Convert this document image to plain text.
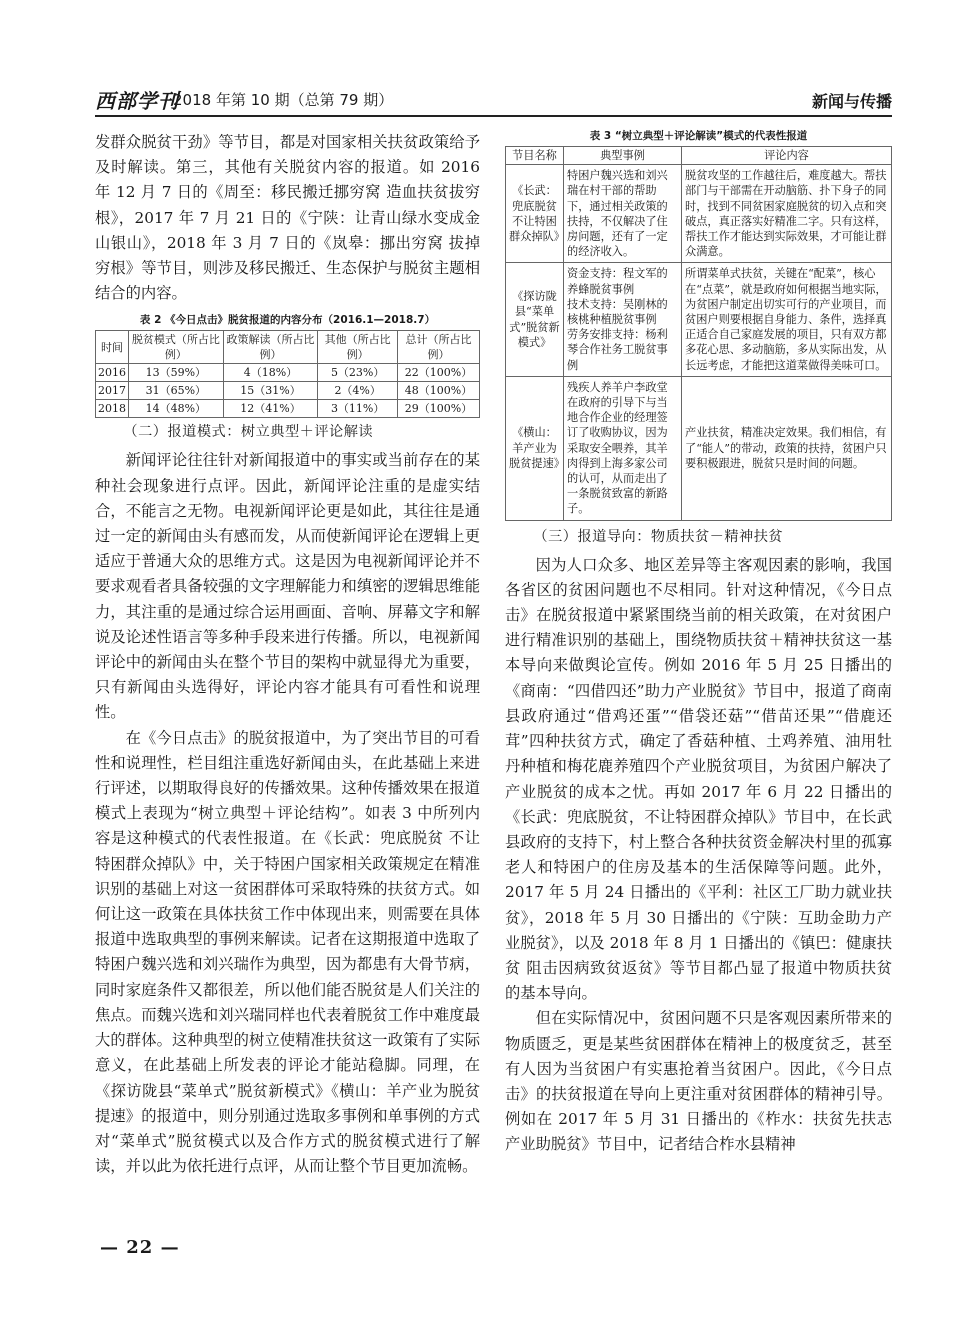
西部学刊
2018 年第 10 期（总第 79 期）	新闻与传播

发群众脱贫干劲》等节目，都是对国家相关扶贫政策给予及时解读。第三，其他有关脱贫内容的报道。如 2016 年 12 月 7 日的《周至：移民搬迁挪穷窝 造血扶贫拔穷根》，2017 年 7 月 21 日的《宁陕：让青山绿水变成金山银山》，2018 年 3 月 7 日的《岚皋：挪出穷窝 拔掉穷根》等节目，则涉及移民搬迁、生态保护与脱贫主题相结合的内容。

表 2 《今日点击》脱贫报道的内容分布（2016.1—2018.7）
时间	脱贫模式（所占比例）	政策解读（所占比例）	其他（所占比例）	总计（所占比例）
2016	13（59%）	4（18%）	5（23%）	22（100%）
2017	31（65%）	15（31%）	2（4%）	48（100%）
2018	14（48%）	12（41%）	3（11%）	29（100%）
（二）报道模式：树立典型＋评论解读

新闻评论往往针对新闻报道中的事实或当前存在的某种社会现象进行点评。因此，新闻评论注重的是虚实结合，不能言之无物。电视新闻评论更是如此，其往往是通过一定的新闻由头有感而发，从而使新闻评论在逻辑上更适应于普通大众的思维方式。这是因为电视新闻评论并不要求观看者具备较强的文字理解能力和缜密的逻辑思维能力，其注重的是通过综合运用画面、音响、屏幕文字和解说及论述性语言等多种手段来进行传播。所以，电视新闻评论中的新闻由头在整个节目的架构中就显得尤为重要，只有新闻由头选得好，评论内容才能具有可看性和说理性。

在《今日点击》的脱贫报道中，为了突出节目的可看性和说理性，栏目组注重选好新闻由头，在此基础上来进行评述，以期取得良好的传播效果。这种传播效果在报道模式上表现为“树立典型＋评论结构”。如表 3 中所列内容是这种模式的代表性报道。在《长武：兜底脱贫 不让特困群众掉队》中，关于特困户国家相关政策规定在精准识别的基础上对这一贫困群体可采取特殊的扶贫方式。如何让这一政策在具体扶贫工作中体现出来，则需要在具体报道中选取典型的事例来解读。记者在这期报道中选取了特困户魏兴选和刘兴瑞作为典型，因为都患有大骨节病，同时家庭条件又都很差，所以他们能否脱贫是人们关注的焦点。而魏兴选和刘兴瑞同样也代表着脱贫工作中难度最大的群体。这种典型的树立使精准扶贫这一政策有了实际意义，在此基础上所发表的评论才能站稳脚。同理，在《探访陇县“菜单式”脱贫新模式》《横山：羊产业为脱贫提速》的报道中，则分别通过选取多事例和单事例的方式对“菜单式”脱贫模式以及合作方式的脱贫模式进行了解读，并以此为依托进行点评，从而让整个节目更加流畅。

表 3 “树立典型＋评论解读”模式的代表性报道
节目名称	典型事例	评论内容
《长武：兜底脱贫 不让特困群众掉队》	特困户魏兴选和刘兴瑞在村干部的帮助下，通过相关政策的扶持，不仅解决了住房问题，还有了一定的经济收入。	脱贫攻坚的工作越往后，难度越大。帮扶部门与干部需在开动脑筋、扑下身子的同时，找到不同贫困家庭脱贫的切入点和突破点，真正落实好精准二字。只有这样，帮扶工作才能达到实际效果，才可能让群众满意。
《探访陇县“菜单式”脱贫新模式》	资金支持：程文军的养蜂脱贫事例
技术支持：吴刚林的核桃种植脱贫事例
劳务安排支持：杨利琴合作社务工脱贫事例	所谓菜单式扶贫，关键在“配菜”，核心在“点菜”，就是政府如何根据当地实际，为贫困户制定出切实可行的产业项目，而贫困户则要根据自身能力、条件，选择真正适合自己家庭发展的项目，只有双方都多花心思、多动脑筋，多从实际出发，从长远考虑，才能把这道菜做得美味可口。
《横山：羊产业为脱贫提速》	残疾人养羊户李政堂在政府的引导下与当地合作企业的经理签订了收购协议，因为采取安全喂养，其羊肉得到上海多家公司的认可，从而走出了一条脱贫致富的新路子。	产业扶贫，精准决定效果。我们相信，有了“能人”的带动，政策的扶持，贫困户只要积极跟进，脱贫只是时间的问题。
（三）报道导向：物质扶贫－精神扶贫

因为人口众多、地区差异等主客观因素的影响，我国各省区的贫困问题也不尽相同。针对这种情况，《今日点击》在脱贫报道中紧紧围绕当前的相关政策，在对贫困户进行精准识别的基础上，围绕物质扶贫＋精神扶贫这一基本导向来做舆论宣传。例如 2016 年 5 月 25 日播出的《商南：“四借四还”助力产业脱贫》节目中，报道了商南县政府通过“借鸡还蛋”“借袋还菇”“借苗还果”“借鹿还茸”四种扶贫方式，确定了香菇种植、土鸡养殖、油用牡丹种植和梅花鹿养殖四个产业脱贫项目，为贫困户解决了产业脱贫的成本之忧。再如 2017 年 6 月 22 日播出的《长武：兜底脱贫，不让特困群众掉队》节目中，在长武县政府的支持下，村上整合各种扶贫资金解决村里的孤寡老人和特困户的住房及基本的生活保障等问题。此外，2017 年 5 月 24 日播出的《平利：社区工厂助力就业扶贫》，2018 年 5 月 30 日播出的《宁陕：互助金助力产业脱贫》，以及 2018 年 8 月 1 日播出的《镇巴：健康扶贫 阻击因病致贫返贫》等节目都凸显了报道中物质扶贫的基本导向。

但在实际情况中，贫困问题不只是客观因素所带来的物质匮乏，更是某些贫困群体在精神上的极度贫乏，甚至有人因为当贫困户有实惠抢着当贫困户。因此，《今日点击》的扶贫报道在导向上更注重对贫困群体的精神引导。例如在 2017 年 5 月 31 日播出的《柞水：扶贫先扶志 产业助脱贫》节目中，记者结合柞水县精神

— 22 —
